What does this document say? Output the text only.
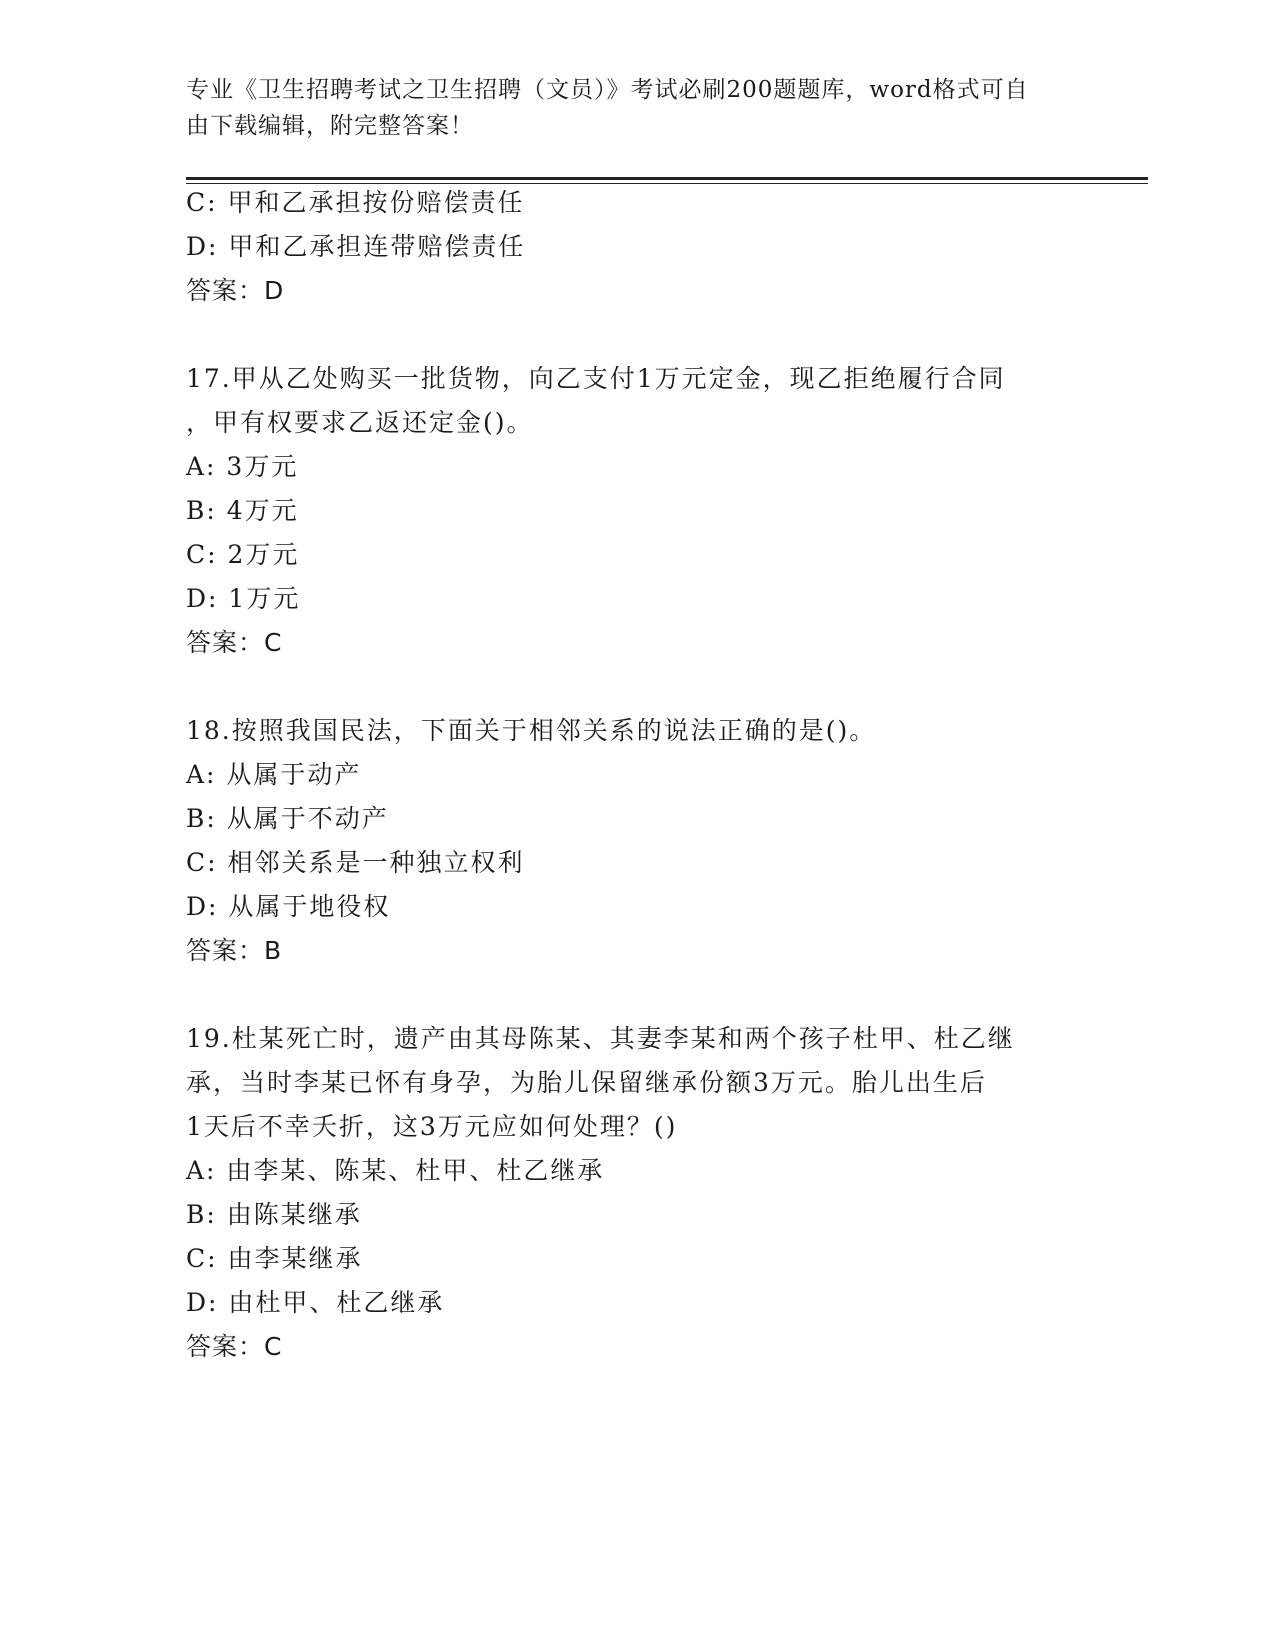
专业《卫生招聘考试之卫生招聘（文员）》考试必刷200题题库，word格式可自
由下载编辑，附完整答案！
C: 甲和乙承担按份赔偿责任
D: 甲和乙承担连带赔偿责任
答案：D
17.甲从乙处购买一批货物，向乙支付1万元定金，现乙拒绝履行合同
，甲有权要求乙返还定金()。
A: 3万元
B: 4万元
C: 2万元
D: 1万元
答案：C
18.按照我国民法，下面关于相邻关系的说法正确的是()。
A: 从属于动产
B: 从属于不动产
C: 相邻关系是一种独立权利
D: 从属于地役权
答案：B
19.杜某死亡时，遗产由其母陈某、其妻李某和两个孩子杜甲、杜乙继
承，当时李某已怀有身孕，为胎儿保留继承份额3万元。胎儿出生后
1天后不幸夭折，这3万元应如何处理？()
A: 由李某、陈某、杜甲、杜乙继承
B: 由陈某继承
C: 由李某继承
D: 由杜甲、杜乙继承
答案：C
